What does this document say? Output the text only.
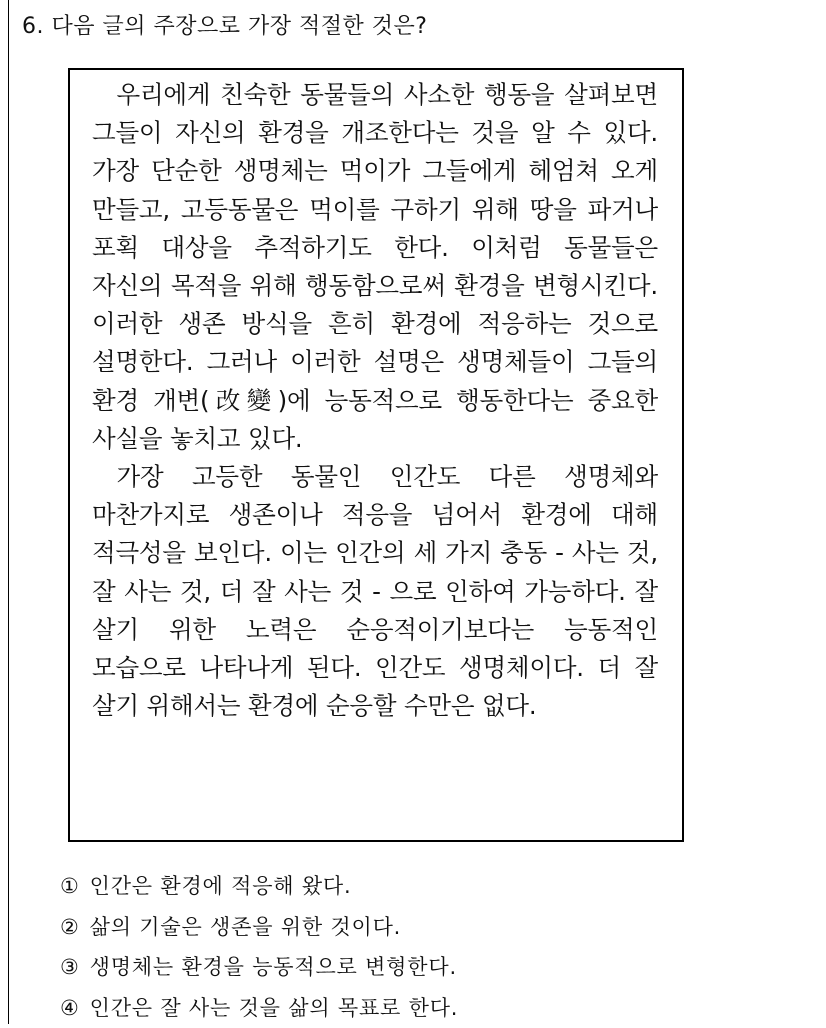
6. 다음 글의 주장으로 가장 적절한 것은?

우리에게 친숙한 동물들의 사소한 행동을 살펴보면 그들이 자신의 환경을 개조한다는 것을 알 수 있다. 가장 단순한 생명체는 먹이가 그들에게 헤엄쳐 오게 만들고, 고등동물은 먹이를 구하기 위해 땅을 파거나 포획 대상을 추적하기도 한다. 이처럼 동물들은 자신의 목적을 위해 행동함으로써 환경을 변형시킨다. 이러한 생존 방식을 흔히 환경에 적응하는 것으로 설명한다. 그러나 이러한 설명은 생명체들이 그들의 환경 개변(改變)에 능동적으로 행동한다는 중요한 사실을 놓치고 있다.

가장 고등한 동물인 인간도 다른 생명체와 마찬가지로 생존이나 적응을 넘어서 환경에 대해 적극성을 보인다. 이는 인간의 세 가지 충동 - 사는 것, 잘 사는 것, 더 잘 사는 것 - 으로 인하여 가능하다. 잘 살기 위한 노력은 순응적이기보다는 능동적인 모습으로 나타나게 된다. 인간도 생명체이다. 더 잘 살기 위해서는 환경에 순응할 수만은 없다.

① 인간은 환경에 적응해 왔다.
② 삶의 기술은 생존을 위한 것이다.
③ 생명체는 환경을 능동적으로 변형한다.
④ 인간은 잘 사는 것을 삶의 목표로 한다.
